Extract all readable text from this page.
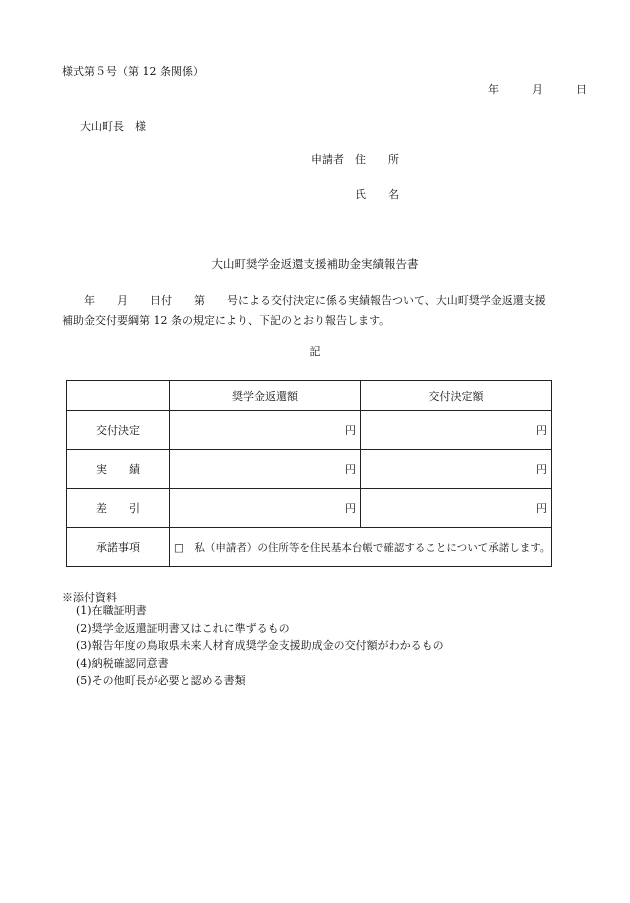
様式第５号（第 12 条関係）
年	月	日
大山町長　様
申請者　住　　所
氏　　名
大山町奨学金返還支援補助金実績報告書

　　年　　月　　日付　　第　　号による交付決定に係る実績報告ついて、大山町奨学金返還支援

補助金交付要綱第 12 条の規定により、下記のとおり報告します。

記
	奨学金返還額	交付決定額
交付決定	円	円
実　　績	円	円
差　　引	円	円
承諾事項	□　私（申請者）の住所等を住民基本台帳で確認することについて承諾します。	
※添付資料
(1)在職証明書
(2)奨学金返還証明書又はこれに準ずるもの
(3)報告年度の鳥取県未来人材育成奨学金支援助成金の交付額がわかるもの
(4)納税確認同意書
(5)その他町長が必要と認める書類
